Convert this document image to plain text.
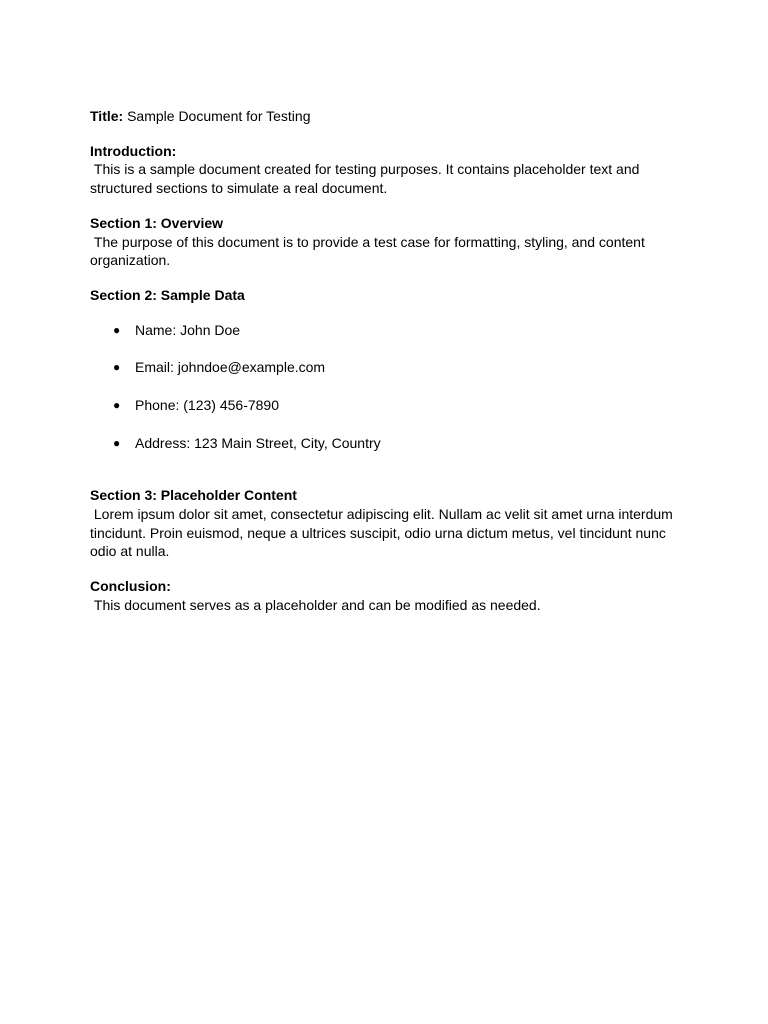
Title: Sample Document for Testing

Introduction:
This is a sample document created for testing purposes. It contains placeholder text and structured sections to simulate a real document.
Section 1: Overview
The purpose of this document is to provide a test case for formatting, styling, and content organization.
Section 2: Sample Data
● Name: John Doe
● Email: johndoe@example.com
● Phone: (123) 456-7890
● Address: 123 Main Street, City, Country
Section 3: Placeholder Content
Lorem ipsum dolor sit amet, consectetur adipiscing elit. Nullam ac velit sit amet urna interdum tincidunt. Proin euismod, neque a ultrices suscipit, odio urna dictum metus, vel tincidunt nunc odio at nulla.
Conclusion:
This document serves as a placeholder and can be modified as needed.
